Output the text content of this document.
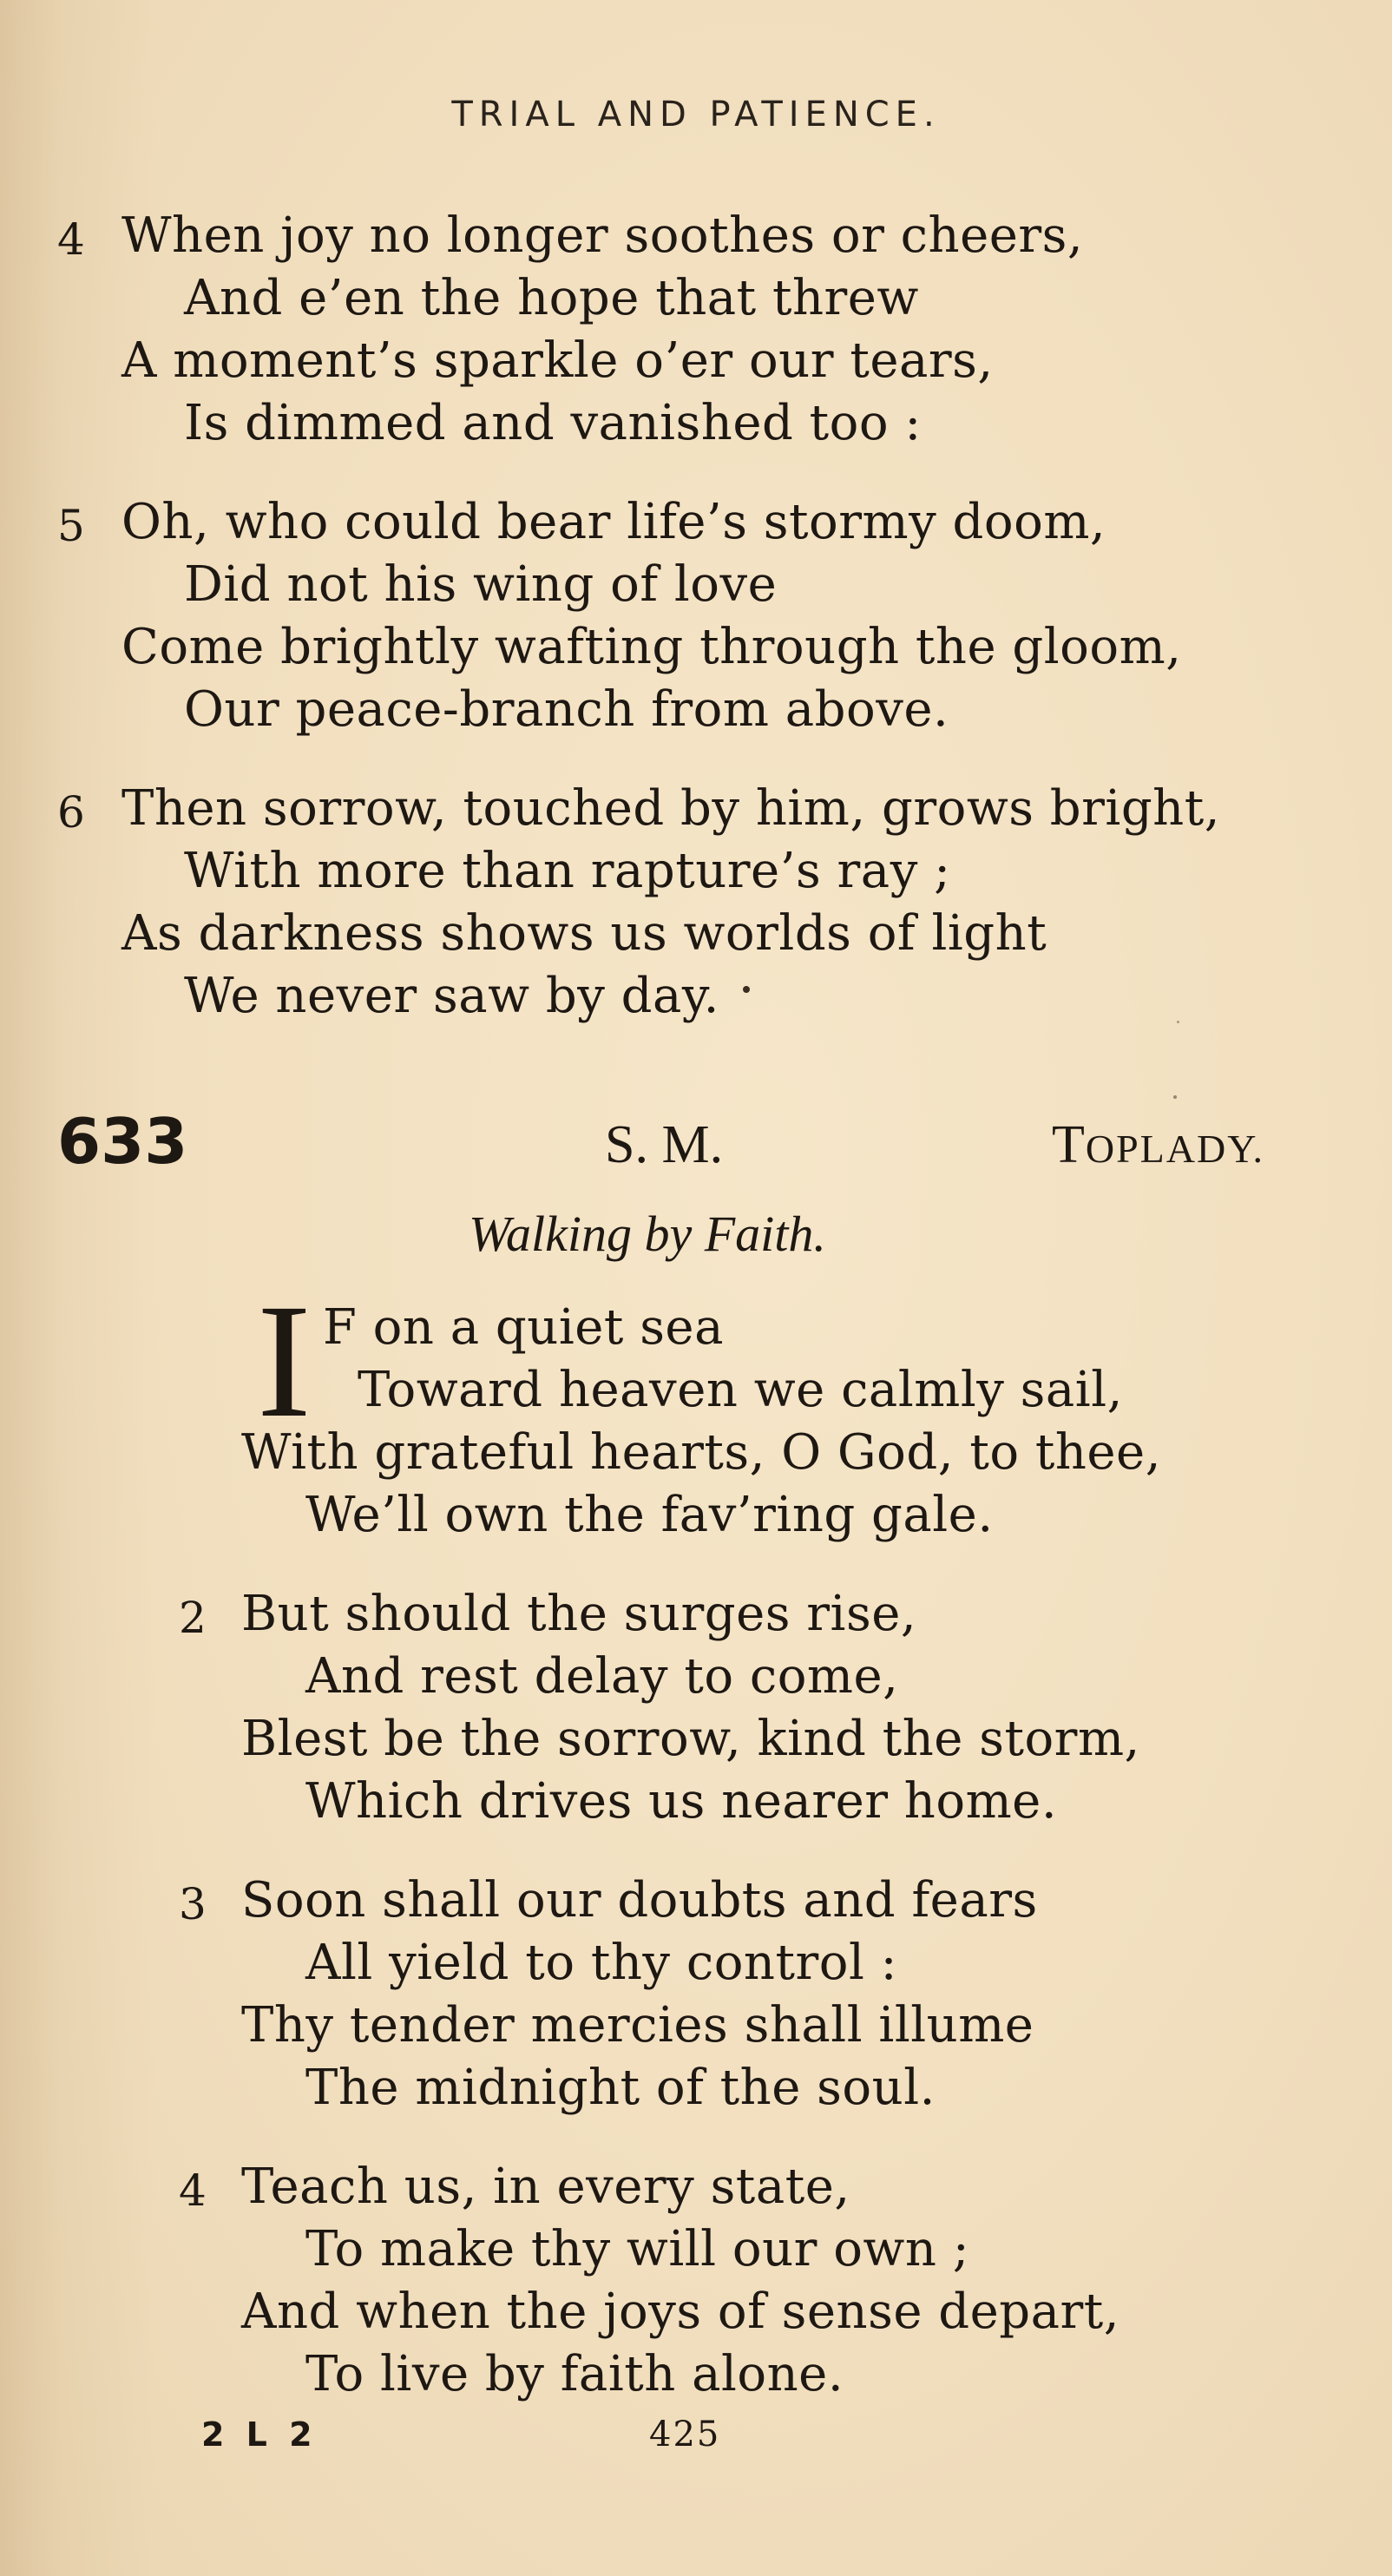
TRIAL AND PATIENCE.

4 When joy no longer soothes or cheers,
And e’en the hope that threw
A moment’s sparkle o’er our tears,
Is dimmed and vanished too :
5 Oh, who could bear life’s stormy doom,
Did not his wing of love
Come brightly wafting through the gloom,
Our peace-branch from above.
6 Then sorrow, touched by him, grows bright,
With more than rapture’s ray ;
As darkness shows us worlds of light
We never saw by day.
633	S. M.	TOPLADY.
Walking by Faith.
I F on a quiet sea
Toward heaven we calmly sail,
With grateful hearts, O God, to thee,
We’ll own the fav’ring gale.
2 But should the surges rise,
And rest delay to come,
Blest be the sorrow, kind the storm,
Which drives us nearer home.
3 Soon shall our doubts and fears
All yield to thy control :
Thy tender mercies shall illume
The midnight of the soul.
4 Teach us, in every state,
To make thy will our own ;
And when the joys of sense depart,
To live by faith alone.
2 L 2	425
